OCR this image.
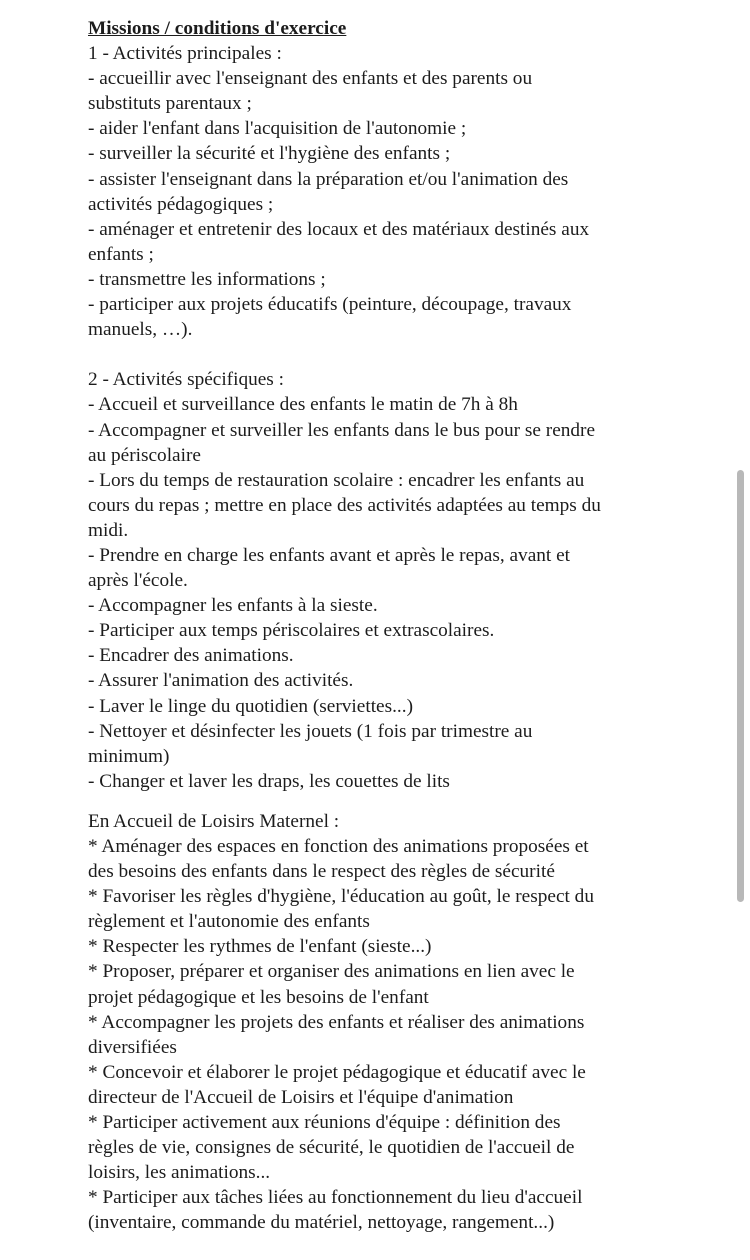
Missions / conditions d'exercice
1 - Activités principales :
- accueillir avec l'enseignant des enfants et des parents ou
substituts parentaux ;
- aider l'enfant dans l'acquisition de l'autonomie ;
- surveiller la sécurité et l'hygiène des enfants ;
- assister l'enseignant dans la préparation et/ou l'animation des
activités pédagogiques ;
- aménager et entretenir des locaux et des matériaux destinés aux
enfants ;
- transmettre les informations ;
- participer aux projets éducatifs (peinture, découpage, travaux
manuels, …).
2 - Activités spécifiques :
- Accueil et surveillance des enfants le matin de 7h à 8h
- Accompagner et surveiller les enfants dans le bus pour se rendre
au périscolaire
- Lors du temps de restauration scolaire : encadrer les enfants au
cours du repas ; mettre en place des activités adaptées au temps du
midi.
- Prendre en charge les enfants avant et après le repas, avant et
après l'école.
- Accompagner les enfants à la sieste.
- Participer aux temps périscolaires et extrascolaires.
- Encadrer des animations.
- Assurer l'animation des activités.
- Laver le linge du quotidien (serviettes...)
- Nettoyer et désinfecter les jouets (1 fois par trimestre au
minimum)
- Changer et laver les draps, les couettes de lits
En Accueil de Loisirs Maternel :
* Aménager des espaces en fonction des animations proposées et
des besoins des enfants dans le respect des règles de sécurité
* Favoriser les règles d'hygiène, l'éducation au goût, le respect du
règlement et l'autonomie des enfants
* Respecter les rythmes de l'enfant (sieste...)
* Proposer, préparer et organiser des animations en lien avec le
projet pédagogique et les besoins de l'enfant
* Accompagner les projets des enfants et réaliser des animations
diversifiées
* Concevoir et élaborer le projet pédagogique et éducatif avec le
directeur de l'Accueil de Loisirs et l'équipe d'animation
* Participer activement aux réunions d'équipe : définition des
règles de vie, consignes de sécurité, le quotidien de l'accueil de
loisirs, les animations...
* Participer aux tâches liées au fonctionnement du lieu d'accueil
(inventaire, commande du matériel, nettoyage, rangement...)
